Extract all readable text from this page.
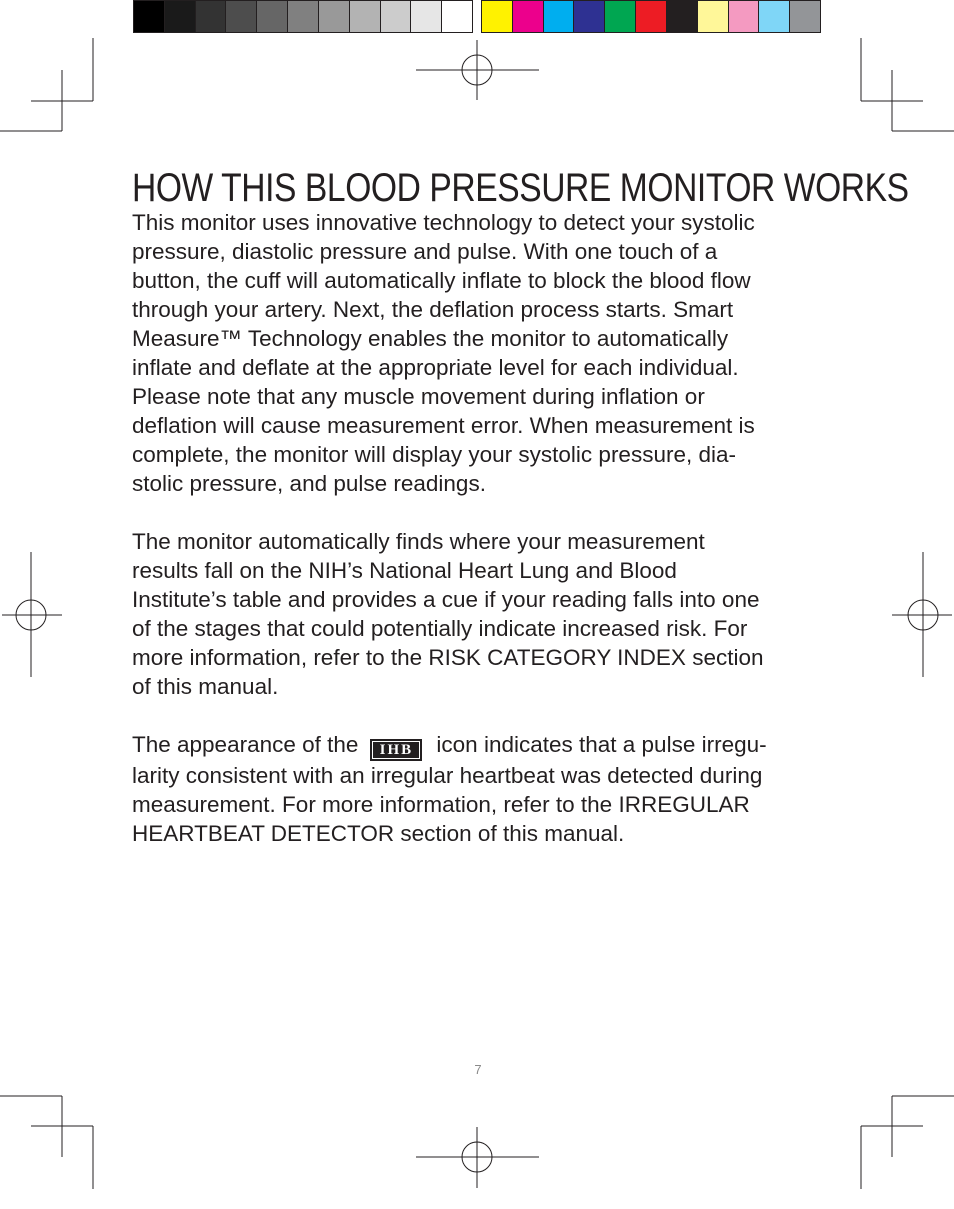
HOW THIS BLOOD PRESSURE MONITOR WORKS

This monitor uses innovative technology to detect your systolic
pressure, diastolic pressure and pulse. With one touch of a
button, the cuff will automatically inflate to block the blood flow
through your artery. Next, the deflation process starts. Smart
Measure™ Technology enables the monitor to automatically
inflate and deflate at the appropriate level for each individual.
Please note that any muscle movement during inflation or
deflation will cause measurement error. When measurement is
complete, the monitor will display your systolic pressure, dia-
stolic pressure, and pulse readings.

The monitor automatically finds where your measurement
results fall on the NIH’s National Heart Lung and Blood
Institute’s table and provides a cue if your reading falls into one
of the stages that could potentially indicate increased risk. For
more information, refer to the RISK CATEGORY INDEX section
of this manual.

The appearance of the IHB icon indicates that a pulse irregu-
larity consistent with an irregular heartbeat was detected during
measurement. For more information, refer to the IRREGULAR
HEARTBEAT DETECTOR section of this manual.

7
